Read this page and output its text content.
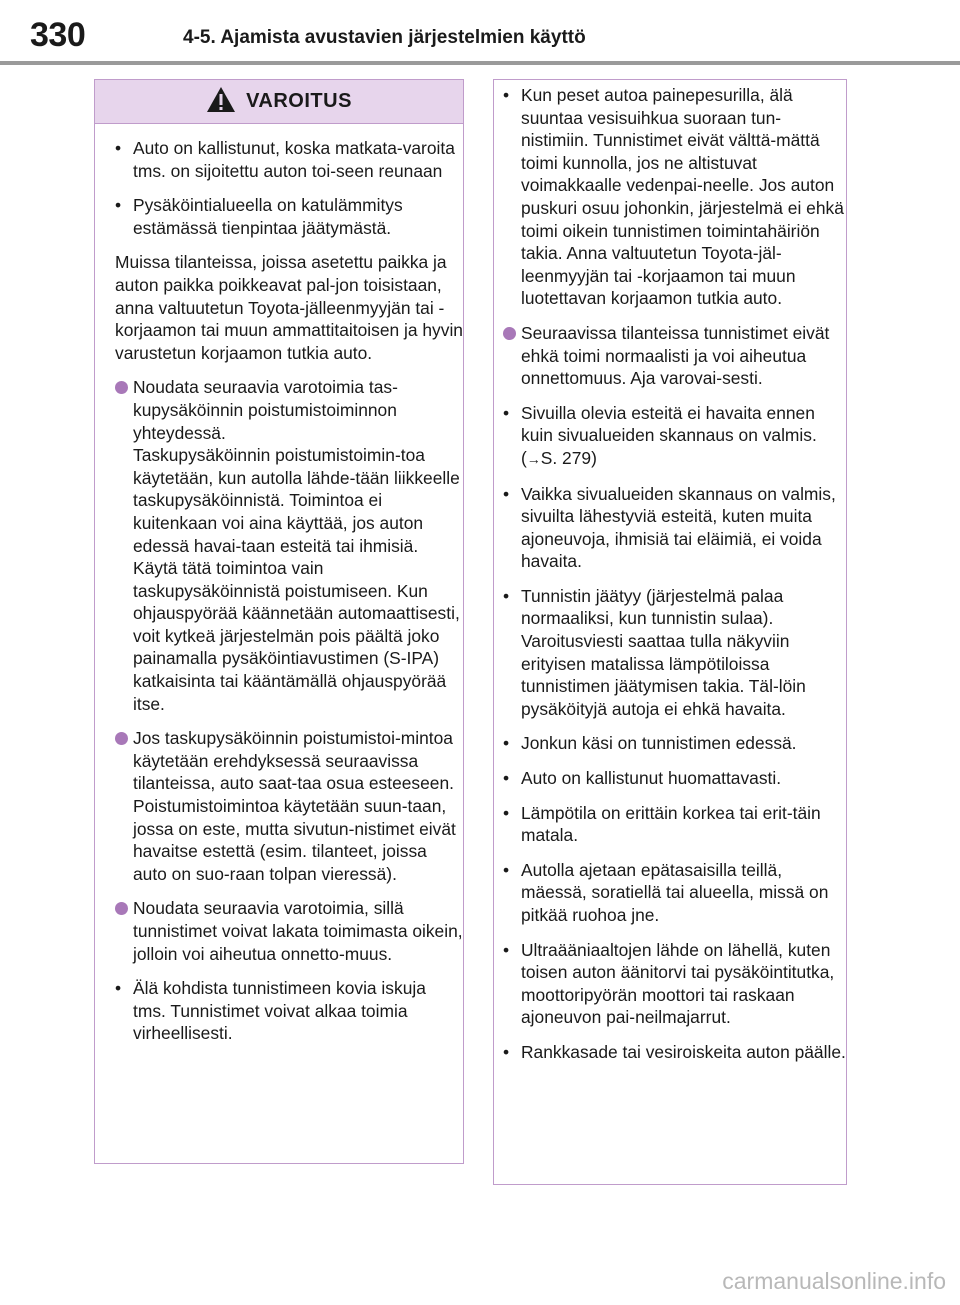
330	4-5. Ajamista avustavien järjestelmien käyttö
VAROITUS
• Auto on kallistunut, koska matkata-varoita tms. on sijoitettu auton toi-seen reunaan
• Pysäköintialueella on katulämmitys estämässä tienpintaa jäätymästä.

Muissa tilanteissa, joissa asetettu paikka ja auton paikka poikkeavat pal-jon toisistaan, anna valtuutetun Toyota-jälleenmyyjän tai -korjaamon tai muun ammattitaitoisen ja hyvin varustetun korjaamon tutkia auto.

Noudata seuraavia varotoimia tas-kupysäköinnin poistumistoiminnon yhteydessä.
Taskupysäköinnin poistumistoimin-toa käytetään, kun autolla lähde-tään liikkeelle taskupysäköinnistä. Toimintoa ei kuitenkaan voi aina käyttää, jos auton edessä havai-taan esteitä tai ihmisiä. Käytä tätä toimintoa vain taskupysäköinnistä poistumiseen. Kun ohjauspyörää käännetään automaattisesti, voit kytkeä järjestelmän pois päältä joko painamalla pysäköintiavustimen (S-IPA) katkaisinta tai kääntämällä ohjauspyörää itse.
Jos taskupysäköinnin poistumistoi-mintoa käytetään erehdyksessä seuraavissa tilanteissa, auto saat-taa osua esteeseen.
Poistumistoimintoa käytetään suun-taan, jossa on este, mutta sivutun-nistimet eivät havaitse estettä (esim. tilanteet, joissa auto on suo-raan tolpan vieressä).
Noudata seuraavia varotoimia, sillä tunnistimet voivat lakata toimimasta oikein, jolloin voi aiheutua onnetto-muus.
• Älä kohdista tunnistimeen kovia iskuja tms. Tunnistimet voivat alkaa toimia virheellisesti.
• Kun peset autoa painepesurilla, älä suuntaa vesisuihkua suoraan tun-nistimiin. Tunnistimet eivät välttä-mättä toimi kunnolla, jos ne altistuvat voimakkaalle vedenpai-neelle. Jos auton puskuri osuu johonkin, järjestelmä ei ehkä toimi oikein tunnistimen toimintahäiriön takia. Anna valtuutetun Toyota-jäl-leenmyyjän tai -korjaamon tai muun luotettavan korjaamon tutkia auto.
Seuraavissa tilanteissa tunnistimet eivät ehkä toimi normaalisti ja voi aiheutua onnettomuus. Aja varovai-sesti.
• Sivuilla olevia esteitä ei havaita ennen kuin sivualueiden skannaus on valmis. (→S. 279)
• Vaikka sivualueiden skannaus on valmis, sivuilta lähestyviä esteitä, kuten muita ajoneuvoja, ihmisiä tai eläimiä, ei voida havaita.
• Tunnistin jäätyy (järjestelmä palaa normaaliksi, kun tunnistin sulaa). Varoitusviesti saattaa tulla näkyviin erityisen matalissa lämpötiloissa tunnistimen jäätymisen takia. Täl-löin pysäköityjä autoja ei ehkä havaita.
• Jonkun käsi on tunnistimen edessä.
• Auto on kallistunut huomattavasti.
• Lämpötila on erittäin korkea tai erit-täin matala.
• Autolla ajetaan epätasaisilla teillä, mäessä, soratiellä tai alueella, missä on pitkää ruohoa jne.
• Ultraääniaaltojen lähde on lähellä, kuten toisen auton äänitorvi tai pysäköintitutka, moottoripyörän moottori tai raskaan ajoneuvon pai-neilmajarrut.
• Rankkasade tai vesiroiskeita auton päälle.
carmanualsonline.info
